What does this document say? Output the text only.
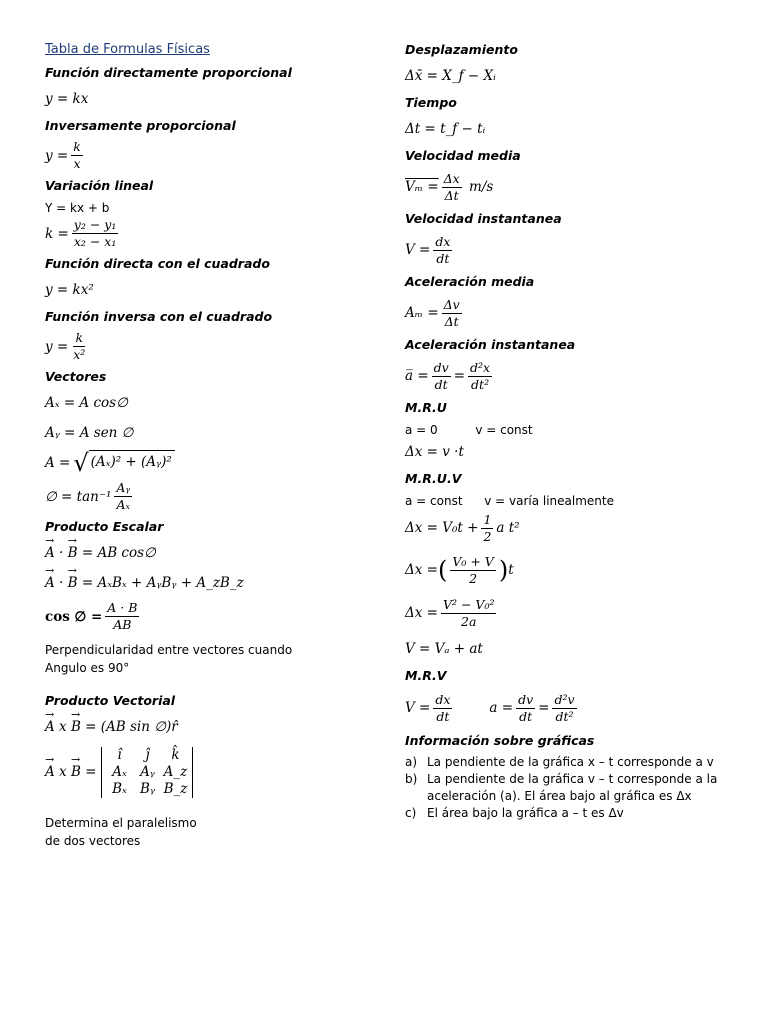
Tabla de Formulas Físicas
Función directamente proporcional
y = kx
Inversamente proporcional
$y = \frac{k}{x}$
Variación lineal
Y = kx + b
$k = \frac{\text{y₂ − y₁}}{\text{x₂ − x₁}}$
Función directa con el cuadrado
y = kx²
Función inversa con el cuadrado
$y = \frac{k}{\text{x²}}$
Vectores
Aₓ = A cos∅
Aᵧ = A sen ∅
A = √ (Aₓ)² + (Aᵧ)²
∅ = $\tan^{-1} \frac{\text{Aᵧ}}{\text{Aₓ}}$
Producto Escalar
→ A · → B
= AB cos∅
→ A · → B
= AₓBₓ + AᵧBᵧ + A_zB_z
cos ∅ = $\frac{A \cdot B}{AB}$
Perpendicularidad entre vectores cuando
Angulo es 90°
Producto Vectorial
→ A x → B
= (AB sin ∅)r̂
→ A x → B =
î	ĵ	k̂
Aₓ Aᵧ A_z
Bₓ Bᵧ B_z
Determina el paralelismo
de dos vectores
Desplazamiento
Δx̄ = X_f − Xᵢ
Tiempo
Δt = t_f − tᵢ
Velocidad media
$V_m = \frac{\Delta x}{\Delta t}$
m/s
Velocidad instantanea
$V = \frac{dx}{dt}$
Aceleración media
$A_m = \frac{\Delta v}{\Delta t}$
Aceleración instantanea
a̅ = $\frac{dv}{dt} = \frac{\text{d²x}}{\text{dt²}}$
M.R.U
a = 0	v = const
Δx = v ·t
M.R.U.V
a = const v = varía linealmente
$\Delta x = V_0t + \frac{1}{2}$ a t²
Δx = ( $\frac{\text{V₀ + V}}{2}$ ) t
$\Delta x = \frac{\text{V² − V₀²}}{2a}$
V = Vₐ + at
M.R.V
$V = \frac{dx}{dt}$	$a = \frac{dv}{dt} = \frac{\text{d²v}}{\text{dt²}}$
Información sobre gráficas
a) La pendiente de la gráfica x – t corresponde a v
b) La pendiente de la gráfica v – t corresponde a la aceleración (a). El área bajo al gráfica es Δx
c) El área bajo la gráfica a – t es Δv
